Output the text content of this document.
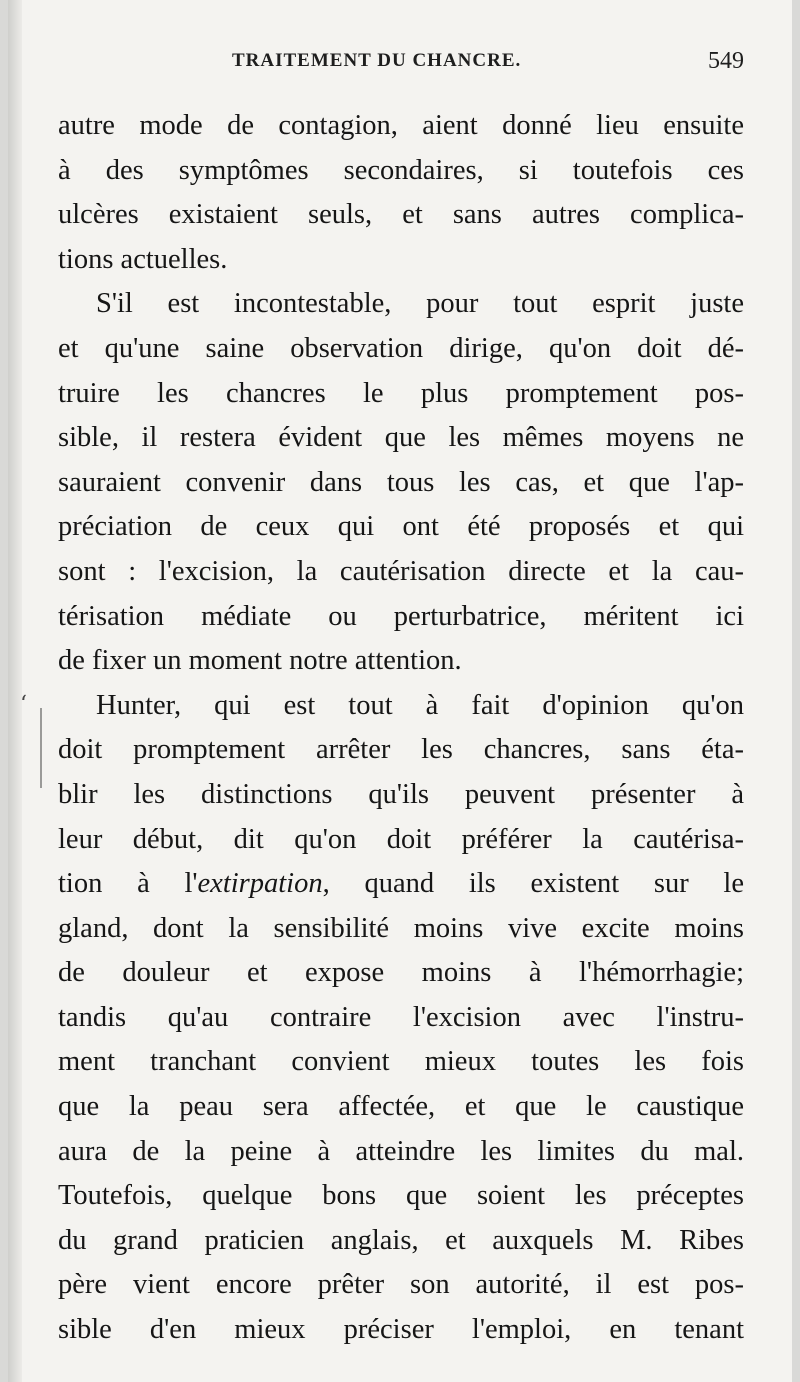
TRAITEMENT DU CHANCRE.	549
‘
autre mode de contagion, aient donné lieu ensuite
à des symptômes secondaires, si toutefois ces
ulcères existaient seuls, et sans autres complica-
tions actuelles.
S'il est incontestable, pour tout esprit juste
et qu'une saine observation dirige, qu'on doit dé-
truire les chancres le plus promptement pos-
sible, il restera évident que les mêmes moyens ne
sauraient convenir dans tous les cas, et que l'ap-
préciation de ceux qui ont été proposés et qui
sont : l'excision, la cautérisation directe et la cau-
térisation médiate ou perturbatrice, méritent ici
de fixer un moment notre attention.
Hunter, qui est tout à fait d'opinion qu'on
doit promptement arrêter les chancres, sans éta-
blir les distinctions qu'ils peuvent présenter à
leur début, dit qu'on doit préférer la cautérisa-
tion à l'extirpation, quand ils existent sur le
gland, dont la sensibilité moins vive excite moins
de douleur et expose moins à l'hémorrhagie;
tandis qu'au contraire l'excision avec l'instru-
ment tranchant convient mieux toutes les fois
que la peau sera affectée, et que le caustique
aura de la peine à atteindre les limites du mal.
Toutefois, quelque bons que soient les préceptes
du grand praticien anglais, et auxquels M. Ribes
père vient encore prêter son autorité, il est pos-
sible d'en mieux préciser l'emploi, en tenant
